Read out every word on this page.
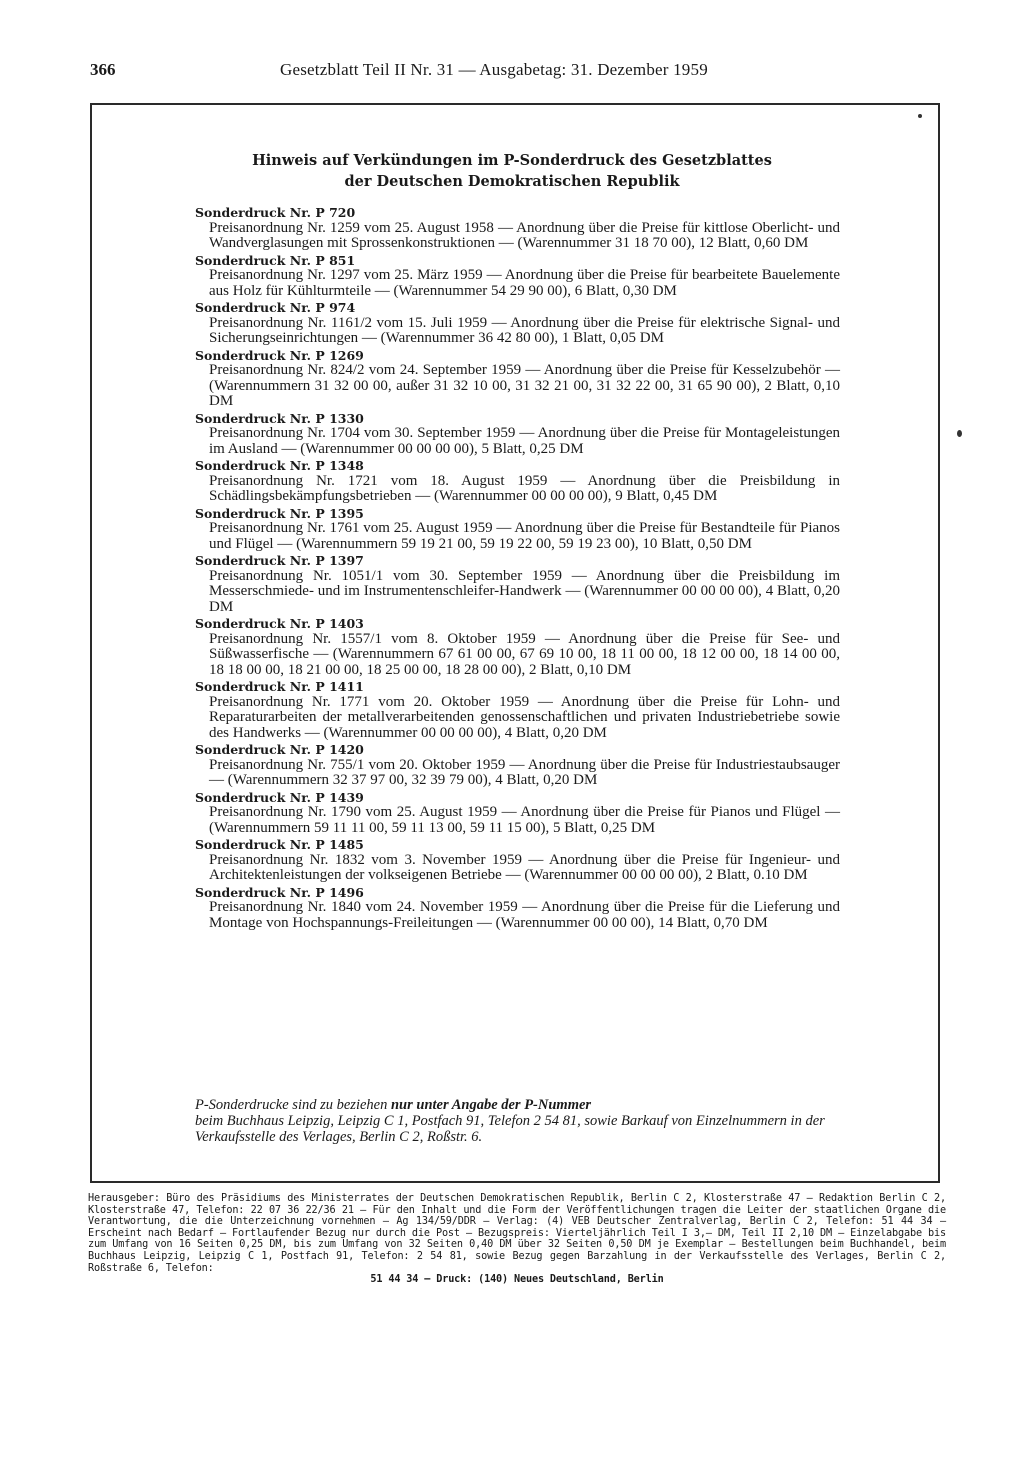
366	Gesetzblatt Teil II Nr. 31 — Ausgabetag: 31. Dezember 1959
Hinweis auf Verkündungen im P-Sonderdruck des Gesetzblattes
der Deutschen Demokratischen Republik
Sonderdruck Nr. P 720
Preisanordnung Nr. 1259 vom 25. August 1958 — Anordnung über die Preise für kittlose Oberlicht- und Wandverglasungen mit Sprossenkonstruktionen — (Warennummer 31 18 70 00), 12 Blatt, 0,60 DM
Sonderdruck Nr. P 851
Preisanordnung Nr. 1297 vom 25. März 1959 — Anordnung über die Preise für bearbeitete Bauelemente aus Holz für Kühlturmteile — (Warennummer 54 29 90 00), 6 Blatt, 0,30 DM
Sonderdruck Nr. P 974
Preisanordnung Nr. 1161/2 vom 15. Juli 1959 — Anordnung über die Preise für elektrische Signal- und Sicherungseinrichtungen — (Warennummer 36 42 80 00), 1 Blatt, 0,05 DM
Sonderdruck Nr. P 1269
Preisanordnung Nr. 824/2 vom 24. September 1959 — Anordnung über die Preise für Kesselzubehör — (Warennummern 31 32 00 00, außer 31 32 10 00, 31 32 21 00, 31 32 22 00, 31 65 90 00), 2 Blatt, 0,10 DM
Sonderdruck Nr. P 1330
Preisanordnung Nr. 1704 vom 30. September 1959 — Anordnung über die Preise für Montageleistungen im Ausland — (Warennummer 00 00 00 00), 5 Blatt, 0,25 DM
Sonderdruck Nr. P 1348
Preisanordnung Nr. 1721 vom 18. August 1959 — Anordnung über die Preisbildung in Schädlingsbekämpfungsbetrieben — (Warennummer 00 00 00 00), 9 Blatt, 0,45 DM
Sonderdruck Nr. P 1395
Preisanordnung Nr. 1761 vom 25. August 1959 — Anordnung über die Preise für Bestandteile für Pianos und Flügel — (Warennummern 59 19 21 00, 59 19 22 00, 59 19 23 00), 10 Blatt, 0,50 DM
Sonderdruck Nr. P 1397
Preisanordnung Nr. 1051/1 vom 30. September 1959 — Anordnung über die Preisbildung im Messerschmiede- und im Instrumentenschleifer-Handwerk — (Warennummer 00 00 00 00), 4 Blatt, 0,20 DM
Sonderdruck Nr. P 1403
Preisanordnung Nr. 1557/1 vom 8. Oktober 1959 — Anordnung über die Preise für See- und Süßwasserfische — (Warennummern 67 61 00 00, 67 69 10 00, 18 11 00 00, 18 12 00 00, 18 14 00 00, 18 18 00 00, 18 21 00 00, 18 25 00 00, 18 28 00 00), 2 Blatt, 0,10 DM
Sonderdruck Nr. P 1411
Preisanordnung Nr. 1771 vom 20. Oktober 1959 — Anordnung über die Preise für Lohn- und Reparaturarbeiten der metallverarbeitenden genossenschaftlichen und privaten Industriebetriebe sowie des Handwerks — (Warennummer 00 00 00 00), 4 Blatt, 0,20 DM
Sonderdruck Nr. P 1420
Preisanordnung Nr. 755/1 vom 20. Oktober 1959 — Anordnung über die Preise für Industriestaubsauger — (Warennummern 32 37 97 00, 32 39 79 00), 4 Blatt, 0,20 DM
Sonderdruck Nr. P 1439
Preisanordnung Nr. 1790 vom 25. August 1959 — Anordnung über die Preise für Pianos und Flügel — (Warennummern 59 11 11 00, 59 11 13 00, 59 11 15 00), 5 Blatt, 0,25 DM
Sonderdruck Nr. P 1485
Preisanordnung Nr. 1832 vom 3. November 1959 — Anordnung über die Preise für Ingenieur- und Architektenleistungen der volkseigenen Betriebe — (Warennummer 00 00 00 00), 2 Blatt, 0.10 DM
Sonderdruck Nr. P 1496
Preisanordnung Nr. 1840 vom 24. November 1959 — Anordnung über die Preise für die Lieferung und Montage von Hochspannungs-Freileitungen — (Warennummer 00 00 00), 14 Blatt, 0,70 DM
P-Sonderdrucke sind zu beziehen nur unter Angabe der P-Nummer
beim Buchhaus Leipzig, Leipzig C 1, Postfach 91, Telefon 2 54 81, sowie Barkauf von Einzelnummern in der Verkaufsstelle des Verlages, Berlin C 2, Roßstr. 6.
Herausgeber: Büro des Präsidiums des Ministerrates der Deutschen Demokratischen Republik, Berlin C 2, Klosterstraße 47 — Redaktion Berlin C 2, Klosterstraße 47, Telefon: 22 07 36 22/36 21 — Für den Inhalt und die Form der Veröffentlichungen tragen die Leiter der staatlichen Organe die Verantwortung, die die Unterzeichnung vornehmen — Ag 134/59/DDR — Verlag: (4) VEB Deutscher Zentralverlag, Berlin C 2, Telefon: 51 44 34 — Erscheint nach Bedarf — Fortlaufender Bezug nur durch die Post — Bezugspreis: Vierteljährlich Teil I 3,— DM, Teil II 2,10 DM — Einzelabgabe bis zum Umfang von 16 Seiten 0,25 DM, bis zum Umfang von 32 Seiten 0,40 DM über 32 Seiten 0,50 DM je Exemplar — Bestellungen beim Buchhandel, beim Buchhaus Leipzig, Leipzig C 1, Postfach 91, Telefon: 2 54 81, sowie Bezug gegen Barzahlung in der Verkaufsstelle des Verlages, Berlin C 2, Roßstraße 6, Telefon:
51 44 34 — Druck: (140) Neues Deutschland, Berlin
